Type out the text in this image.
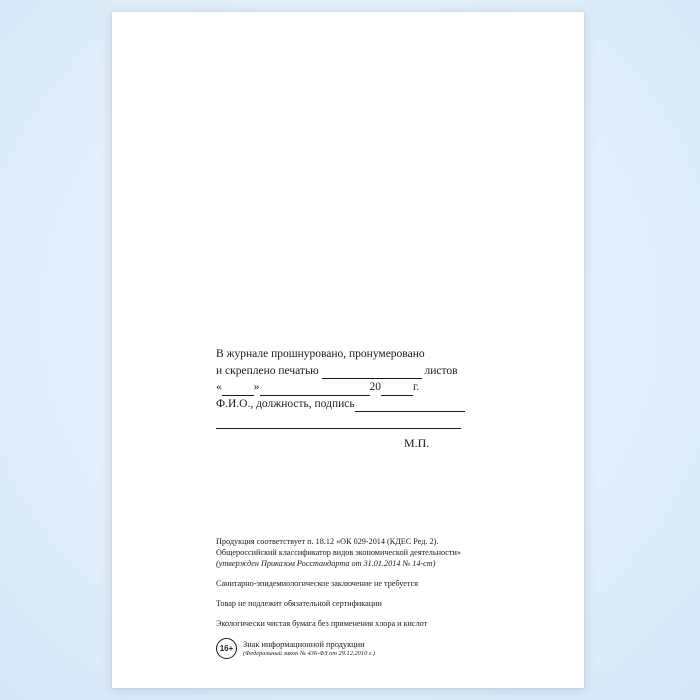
В журнале прошнуровано, пронумеровано
и скреплено печатью	листов
«	»	20	г.
Ф.И.О., должность, подпись
М.П.
Продукция соответствует п. 18.12 «ОК 029-2014 (КДЕС Ред. 2).
Общероссийский классификатор видов экономической деятельности»
(утвержден Приказом Росстандарта от 31.01.2014 № 14-ст)
Санитарно-эпидемиологическое заключение не требуется
Товар не подлежит обязательной сертификации
Экологически чистая бумага без применения хлора и кислот
16+	Знак информационной продукции
(Федеральный закон № 436-ФЗ от 29.12.2010 г.)
